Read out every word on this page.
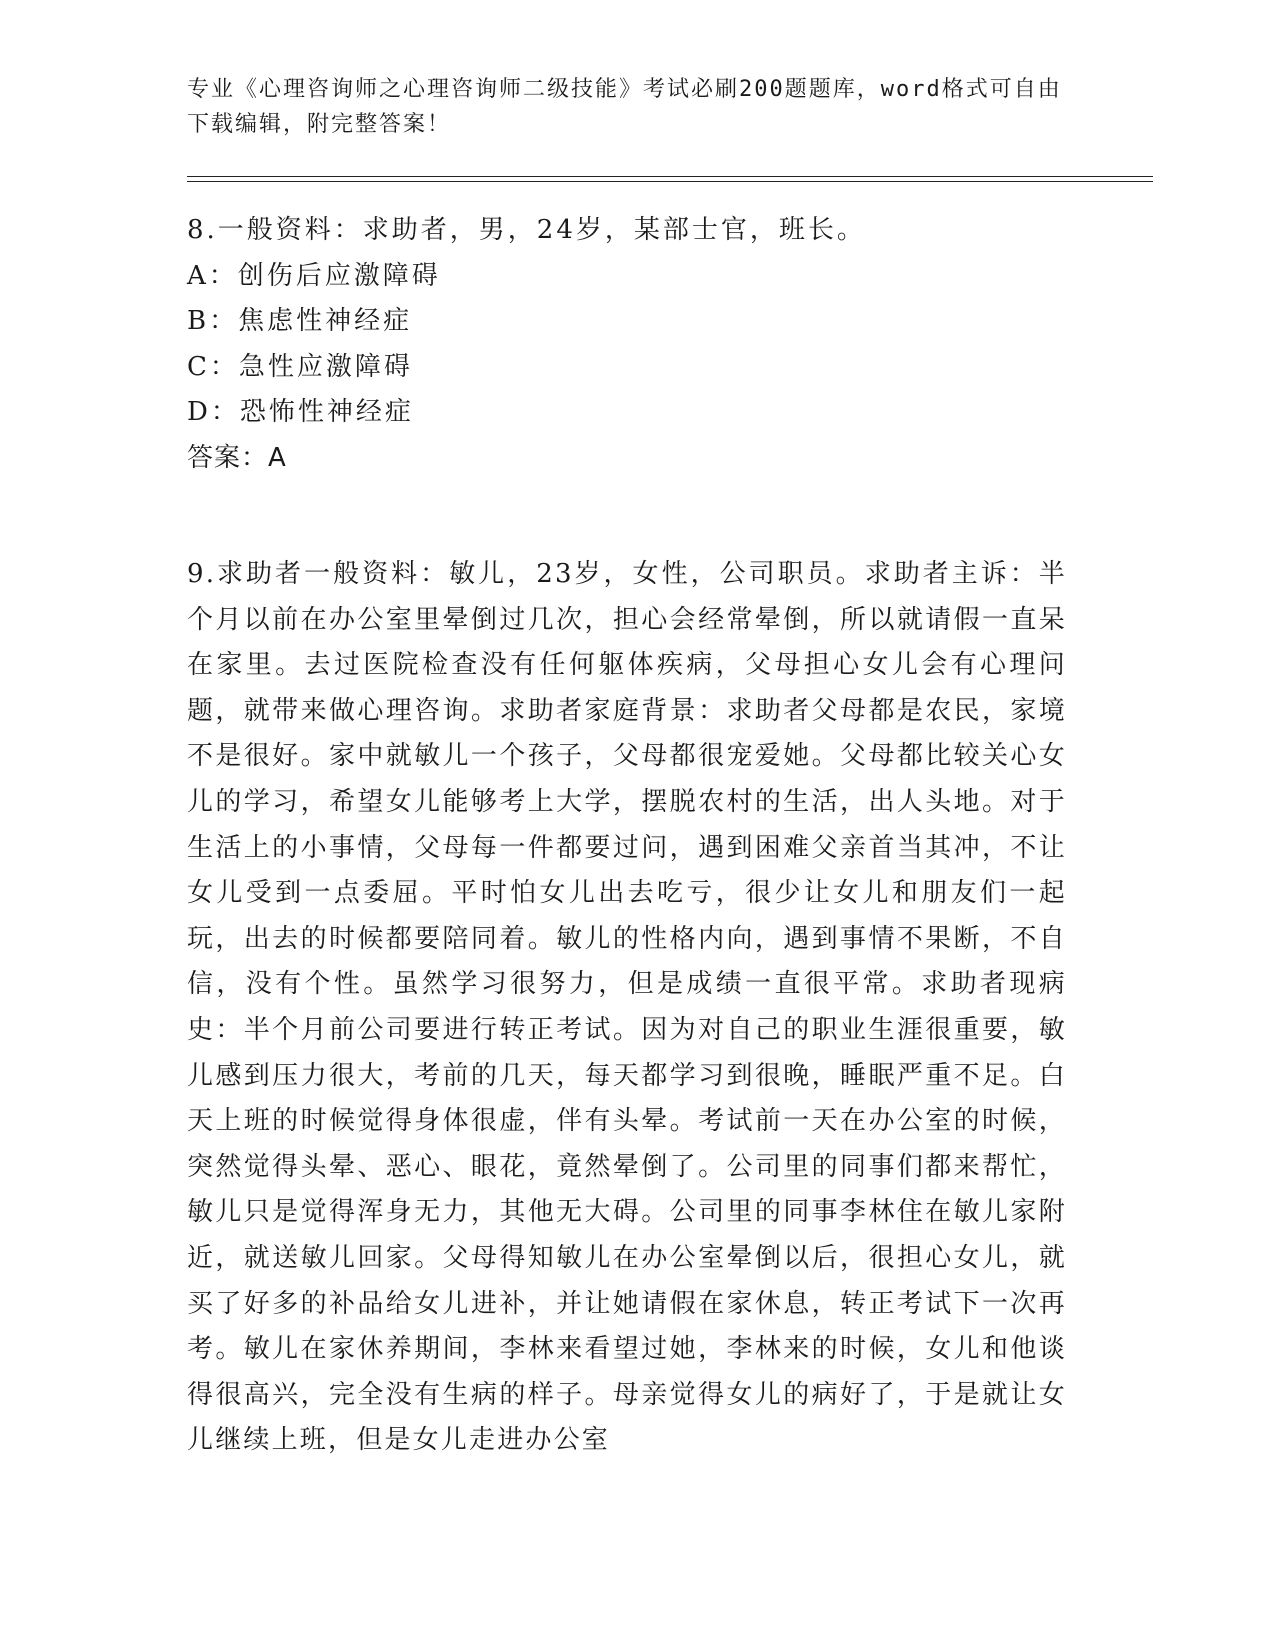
专业《心理咨询师之心理咨询师二级技能》考试必刷200题题库，word格式可自由下载编辑，附完整答案！
8.一般资料：求助者，男，24岁，某部士官，班长。
A：创伤后应激障碍
B：焦虑性神经症
C：急性应激障碍
D：恐怖性神经症
答案：A
9.求助者一般资料：敏儿，23岁，女性，公司职员。求助者主诉：半个月以前在办公室里晕倒过几次，担心会经常晕倒，所以就请假一直呆在家里。去过医院检查没有任何躯体疾病，父母担心女儿会有心理问题，就带来做心理咨询。求助者家庭背景：求助者父母都是农民，家境不是很好。家中就敏儿一个孩子，父母都很宠爱她。父母都比较关心女儿的学习，希望女儿能够考上大学，摆脱农村的生活，出人头地。对于生活上的小事情，父母每一件都要过问，遇到困难父亲首当其冲，不让女儿受到一点委屈。平时怕女儿出去吃亏，很少让女儿和朋友们一起玩，出去的时候都要陪同着。敏儿的性格内向，遇到事情不果断，不自信，没有个性。虽然学习很努力，但是成绩一直很平常。求助者现病史：半个月前公司要进行转正考试。因为对自己的职业生涯很重要，敏儿感到压力很大，考前的几天，每天都学习到很晚，睡眠严重不足。白天上班的时候觉得身体很虚，伴有头晕。考试前一天在办公室的时候，突然觉得头晕、恶心、眼花，竟然晕倒了。公司里的同事们都来帮忙，敏儿只是觉得浑身无力，其他无大碍。公司里的同事李林住在敏儿家附近，就送敏儿回家。父母得知敏儿在办公室晕倒以后，很担心女儿，就买了好多的补品给女儿进补，并让她请假在家休息，转正考试下一次再考。敏儿在家休养期间，李林来看望过她，李林来的时候，女儿和他谈得很高兴，完全没有生病的样子。母亲觉得女儿的病好了，于是就让女儿继续上班，但是女儿走进办公室
